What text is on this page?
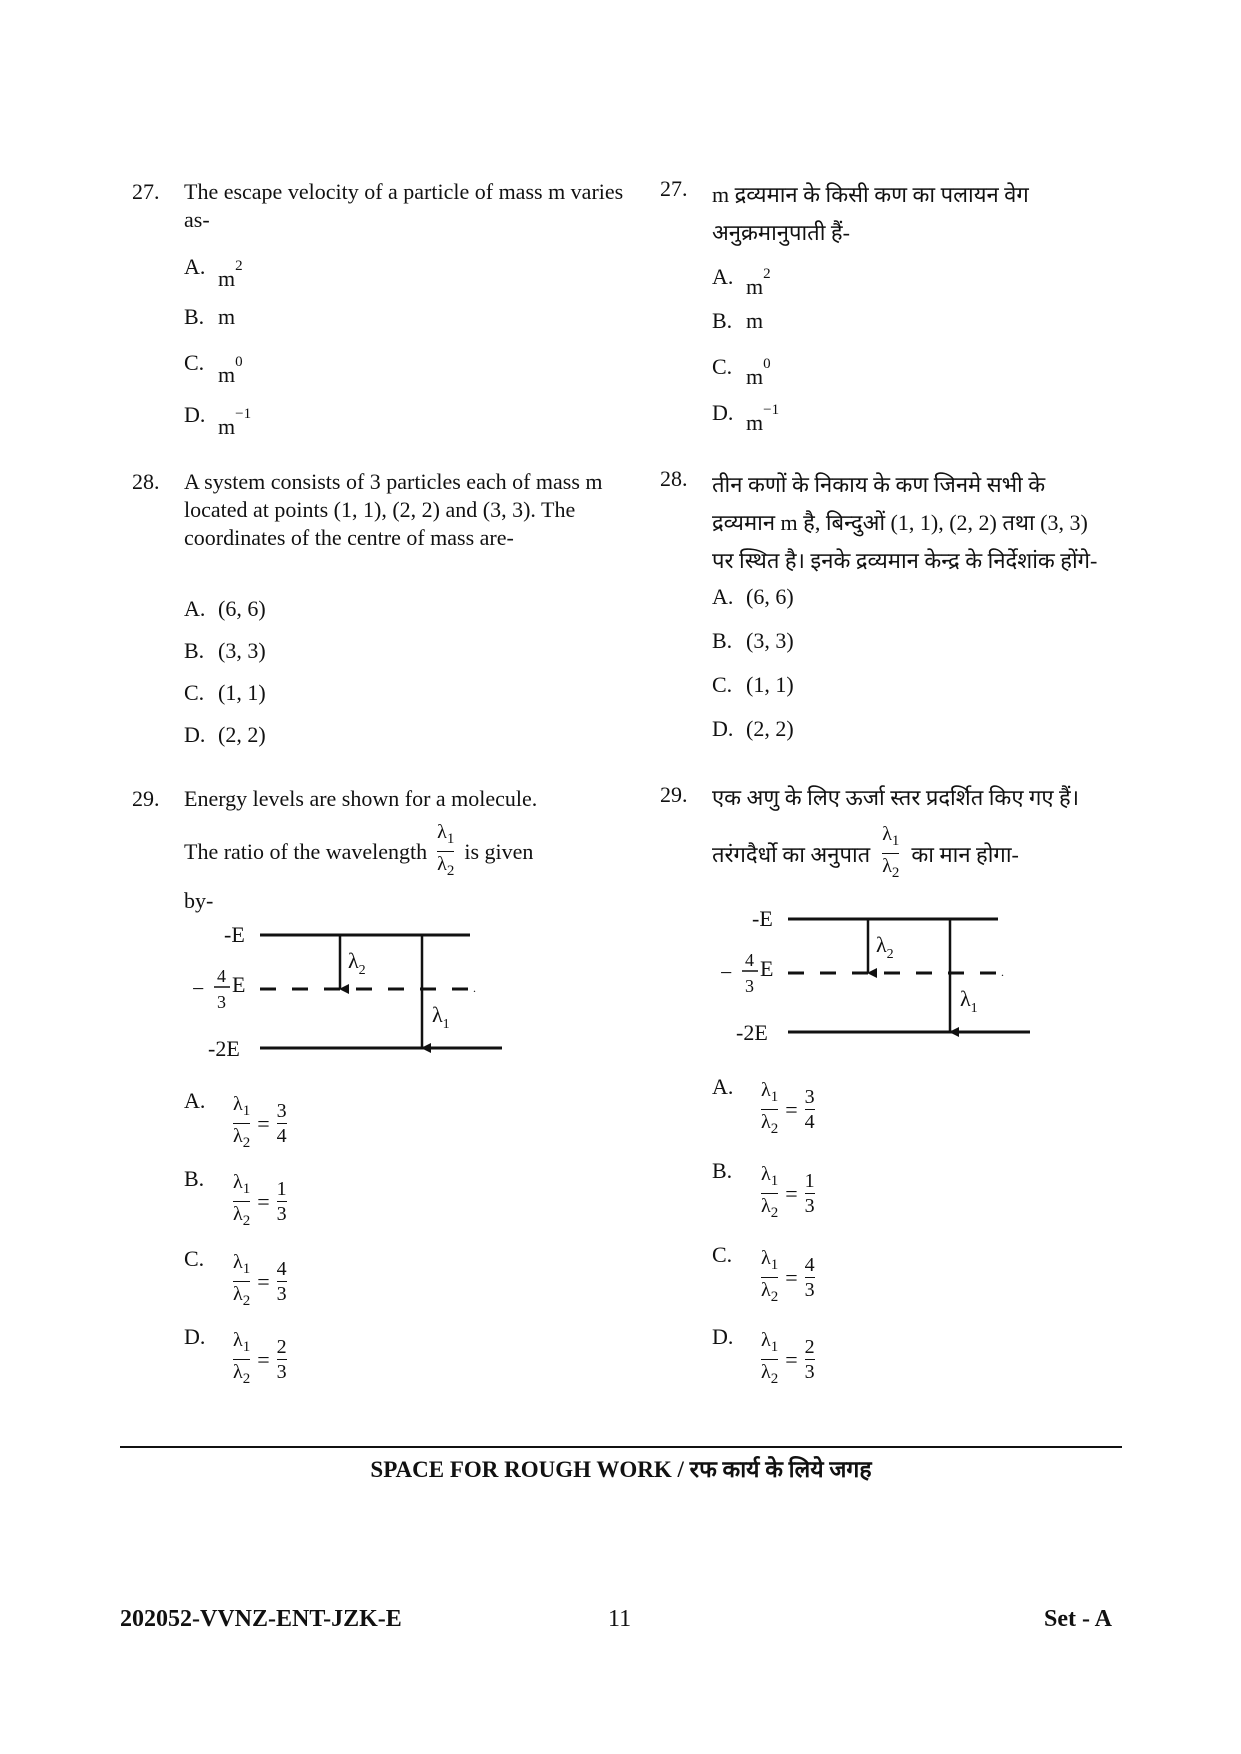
27. The escape velocity of a particle of mass m varies as-
A. $m^2$
B. m
C. $m^0$
D. $m^{-1}$
28. A system consists of 3 particles each of mass m located at points (1, 1), (2, 2) and (3, 3). The coordinates of the centre of mass are-
A. (6, 6)
B. (3, 3)
C. (1, 1)
D. (2, 2)
29. Energy levels are shown for a molecule.
The ratio of the wavelength $\frac{\lambda_1}{\lambda_2}$ is given
by-
-E
− 4
3
E	.
-2E
$\lambda_2$
$\lambda_1$
A.	$\frac{\lambda_1}{\lambda_2} = \frac{3}{4}$
B.	$\frac{\lambda_1}{\lambda_2} = \frac{1}{3}$
C.	$\frac{\lambda_1}{\lambda_2} = \frac{4}{3}$
D.	$\frac{\lambda_1}{\lambda_2} = \frac{2}{3}$
27. m द्रव्यमान के किसी कण का पलायन वेग
अनुक्रमानुपाती हैं-
A. $m^2$
B. m
C. $m^0$
D. $m^{-1}$
28. तीन कणों के निकाय के कण जिनमे सभी के
द्रव्यमान m है, बिन्दुओं (1, 1), (2, 2) तथा (3, 3)
पर स्थित है। इनके द्रव्यमान केन्द्र के निर्देशांक होंगे-
A. (6, 6)
B. (3, 3)
C. (1, 1)
D. (2, 2)
29. एक अणु के लिए ऊर्जा स्तर प्रदर्शित किए गए हैं।
तरंगदैर्धो का अनुपात $\frac{\lambda_1}{\lambda_2}$ का मान होगा-
-E
− 4
3
E	.
-2E
$\lambda_2$
$\lambda_1$
A.	$\frac{\lambda_1}{\lambda_2} = \frac{3}{4}$
B.	$\frac{\lambda_1}{\lambda_2} = \frac{1}{3}$
C.	$\frac{\lambda_1}{\lambda_2} = \frac{4}{3}$
D.	$\frac{\lambda_1}{\lambda_2} = \frac{2}{3}$
SPACE FOR ROUGH WORK / रफ कार्य के लिये जगह
202052-VVNZ-ENT-JZK-E	11	Set - A
